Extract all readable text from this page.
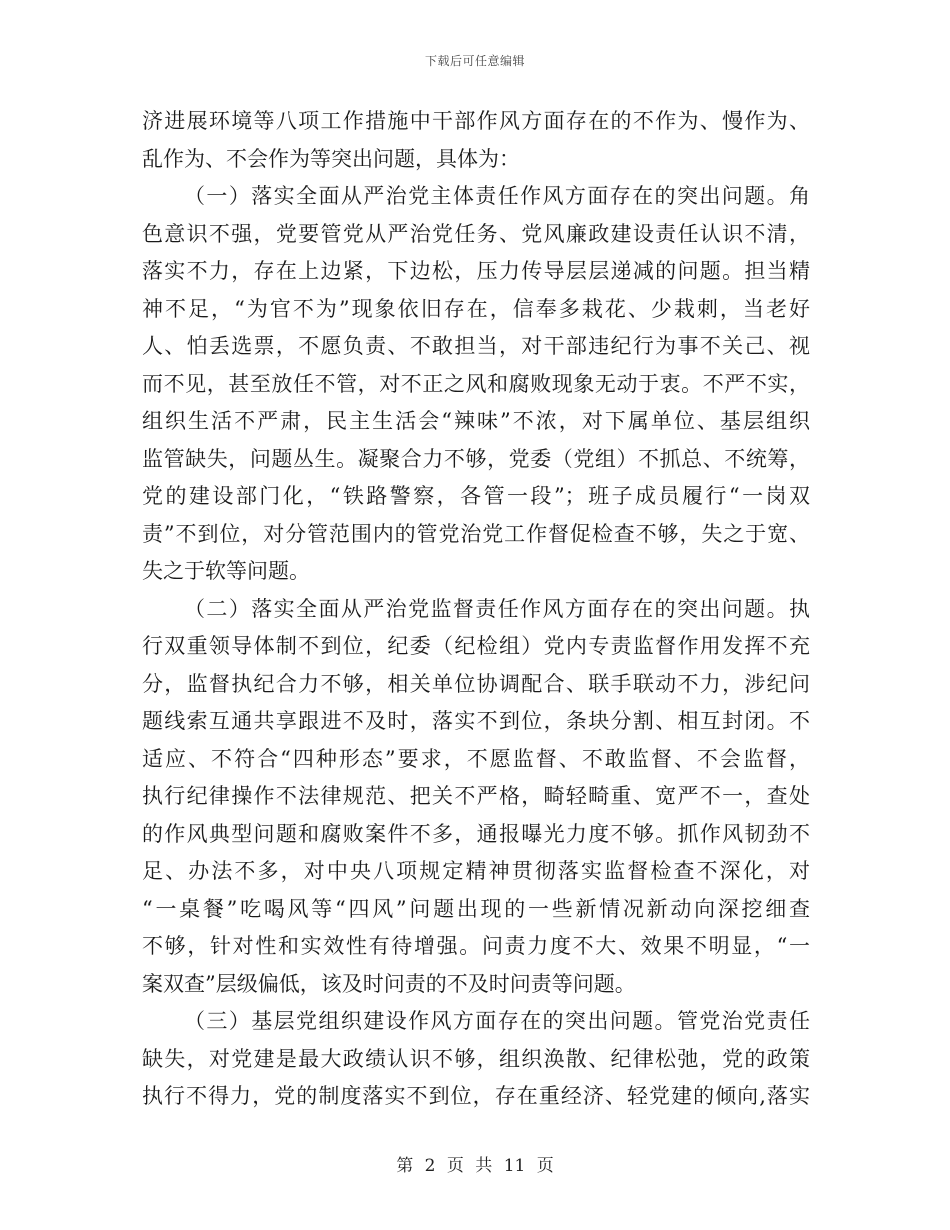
下载后可任意编辑
济进展环境等八项工作措施中干部作风方面存在的不作为、慢作为、
乱作为、不会作为等突出问题，具体为：
（一）落实全面从严治党主体责任作风方面存在的突出问题。角
色意识不强，党要管党从严治党任务、党风廉政建设责任认识不清，
落实不力，存在上边紧，下边松，压力传导层层递减的问题。担当精
神不足，“为官不为”现象依旧存在，信奉多栽花、少栽刺，当老好
人、怕丢选票，不愿负责、不敢担当，对干部违纪行为事不关己、视
而不见，甚至放任不管，对不正之风和腐败现象无动于衷。不严不实，
组织生活不严肃，民主生活会“辣味”不浓，对下属单位、基层组织
监管缺失，问题丛生。凝聚合力不够，党委（党组）不抓总、不统筹，
党的建设部门化，“铁路警察，各管一段”；班子成员履行“一岗双
责”不到位，对分管范围内的管党治党工作督促检查不够，失之于宽、
失之于软等问题。
（二）落实全面从严治党监督责任作风方面存在的突出问题。执
行双重领导体制不到位，纪委（纪检组）党内专责监督作用发挥不充
分，监督执纪合力不够，相关单位协调配合、联手联动不力，涉纪问
题线索互通共享跟进不及时，落实不到位，条块分割、相互封闭。不
适应、不符合“四种形态”要求，不愿监督、不敢监督、不会监督，
执行纪律操作不法律规范、把关不严格，畸轻畸重、宽严不一，查处
的作风典型问题和腐败案件不多，通报曝光力度不够。抓作风韧劲不
足、办法不多，对中央八项规定精神贯彻落实监督检查不深化，对
“一桌餐”吃喝风等“四风”问题出现的一些新情况新动向深挖细查
不够，针对性和实效性有待增强。问责力度不大、效果不明显，“一
案双查”层级偏低，该及时问责的不及时问责等问题。
（三）基层党组织建设作风方面存在的突出问题。管党治党责任
缺失，对党建是最大政绩认识不够，组织涣散、纪律松弛，党的政策
执行不得力，党的制度落实不到位，存在重经济、轻党建的倾向,落实
第 2 页 共 11 页
